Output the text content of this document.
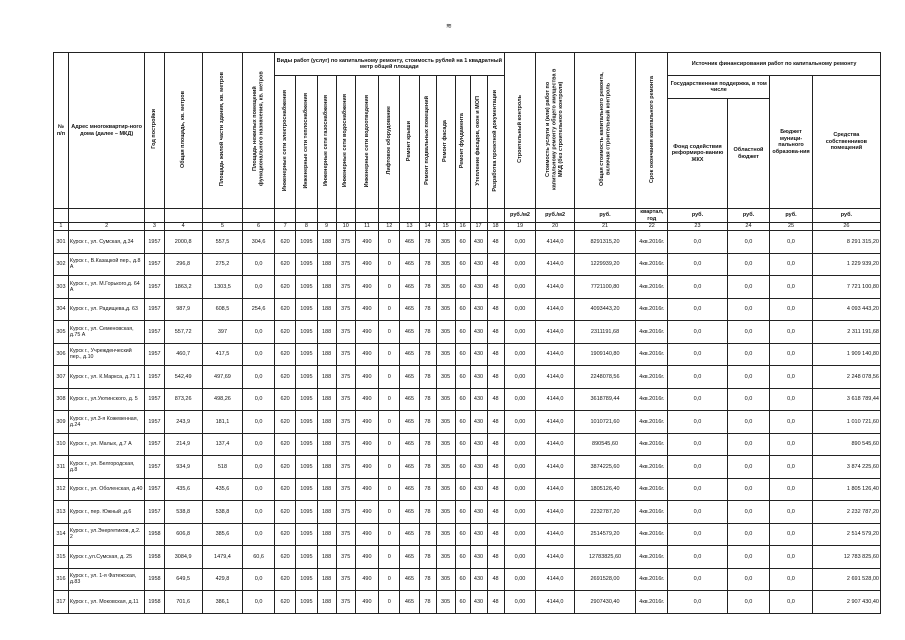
≋
№ п/п	Адрес многоквартир-ного дома (далее – МКД)	Год постройки	Общая площадь, кв. метров	Площадь жилой части здания, кв. метров	Площадь нежилых помещений функционального назначения, кв. метров	Виды работ (услуг) по капитальному ремонту, стоимость рублей на 1 квадратный метр общей площади												Строительный контроль	Стоимость услуги и (или) работ по капитальному ремонту общего имущества в МКД (без строительного контроля)	Общая стоимость капитального ремонта, включая строительный контроль	Срок окончания капитального ремонта	Источник финансирования работ по капитальному ремонту			
						Инженерные сети электроснабжения	Инженерные сети теплоснабжения	Инженерные сети газоснабжения	Инженерные сети водоснабжения	Инженерные сети водоотведения	Лифтовое оборудование	Ремонт крыши	Ремонт подвальных помещений	Ремонт фасада	Ремонт фундамента	Утепление фасадов, окон и МОП	Разработка проектной документации					Государственная поддержка, в том числе		Бюджет муници-пального образова-ния	Средства собственников помещений
																						Фонд содействия реформиро-ванию ЖКХ	Областной бюджет		
																		руб./м2	руб./м2	руб.	квартал, год	руб.	руб.	руб.	руб.
1	2	3	4	5	6	7	8	9	10	11	12	13	14	15	16	17	18	19	20	21	22	23	24	25	26
301	Курск г., ул. Сумская, д.34	1957	2000,8	557,5	304,6	620	1095	188	375	490	0	465	78	305	60	430	48	0,00	4144,0	8291315,20	4кв.2016г.	0,0	0,0	0,0	8 291 315,20
302	Курск г., В.Казацкой пер., д.8 А	1957	296,8	275,2	0,0	620	1095	188	375	490	0	465	78	305	60	430	48	0,00	4144,0	1229939,20	4кв.2016г.	0,0	0,0	0,0	1 229 939,20
303	Курск г., ул. М.Горького,д. 64 А	1957	1863,2	1303,5	0,0	620	1095	188	375	490	0	465	78	305	60	430	48	0,00	4144,0	7721100,80	4кв.2016г.	0,0	0,0	0,0	7 721 100,80
304	Курск г., ул. Радищева,д. 63	1957	987,9	608,5	254,6	620	1095	188	375	490	0	465	78	305	60	430	48	0,00	4144,0	4093443,20	4кв.2016г.	0,0	0,0	0,0	4 093 443,20
305	Курск г., ул. Семеновская, д.75 А	1957	557,72	397	0,0	620	1095	188	375	490	0	465	78	305	60	430	48	0,00	4144,0	2311191,68	4кв.2016г.	0,0	0,0	0,0	2 311 191,68
306	Курск г., Учрежденческий пер., д.10	1957	460,7	417,5	0,0	620	1095	188	375	490	0	465	78	305	60	430	48	0,00	4144,0	1909140,80	4кв.2016г.	0,0	0,0	0,0	1 909 140,80
307	Курск г., ул. К.Маркса, д.71 1	1957	542,49	497,69	0,0	620	1095	188	375	490	0	465	78	305	60	430	48	0,00	4144,0	2248078,56	4кв.2016г.	0,0	0,0	0,0	2 248 078,56
308	Курск г., ул.Уютинского, д. 5	1957	873,26	498,26	0,0	620	1095	188	375	490	0	465	78	305	60	430	48	0,00	4144,0	3618789,44	4кв.2016г.	0,0	0,0	0,0	3 618 789,44
309	Курск г., ул.3-я Кожевенная, д.24	1957	243,9	181,1	0,0	620	1095	188	375	490	0	465	78	305	60	430	48	0,00	4144,0	1010721,60	4кв.2016г.	0,0	0,0	0,0	1 010 721,60
310	Курск г., ул. Малых, д.7 А	1957	214,9	137,4	0,0	620	1095	188	375	490	0	465	78	305	60	430	48	0,00	4144,0	890545,60	4кв.2016г.	0,0	0,0	0,0	890 545,60
311	Курск г., ул. Белгородская, д.8	1957	934,9	518	0,0	620	1095	188	375	490	0	465	78	305	60	430	48	0,00	4144,0	3874225,60	4кв.2016г.	0,0	0,0	0,0	3 874 225,60
312	Курск г., ул. Оболенская, д.40	1957	435,6	435,6	0,0	620	1095	188	375	490	0	465	78	305	60	430	48	0,00	4144,0	1805126,40	4кв.2016г.	0,0	0,0	0,0	1 805 126,40
313	Курск г., пер. Южный ,д.6	1957	538,8	538,8	0,0	620	1095	188	375	490	0	465	78	305	60	430	48	0,00	4144,0	2232787,20	4кв.2016г.	0,0	0,0	0,0	2 232 787,20
314	Курск г., ул.Энергетиков, д.2. 2	1958	606,8	385,6	0,0	620	1095	188	375	490	0	465	78	305	60	430	48	0,00	4144,0	2514579,20	4кв.2016г.	0,0	0,0	0,0	2 514 579,20
315	Курск г.,ул.Сумская, д. 25	1958	3084,9	1479,4	60,6	620	1095	188	375	490	0	465	78	305	60	430	48	0,00	4144,0	12783825,60	4кв.2016г.	0,0	0,0	0,0	12 783 825,60
316	Курск г., ул. 1-я Фатежская, д.83	1958	649,5	429,8	0,0	620	1095	188	375	490	0	465	78	305	60	430	48	0,00	4144,0	2691528,00	4кв.2016г.	0,0	0,0	0,0	2 691 528,00
317	Курск г., ул. Моковская, д.11	1958	701,6	386,1	0,0	620	1095	188	375	490	0	465	78	305	60	430	48	0,00	4144,0	2907430,40	4кв.2016г.	0,0	0,0	0,0	2 907 430,40
